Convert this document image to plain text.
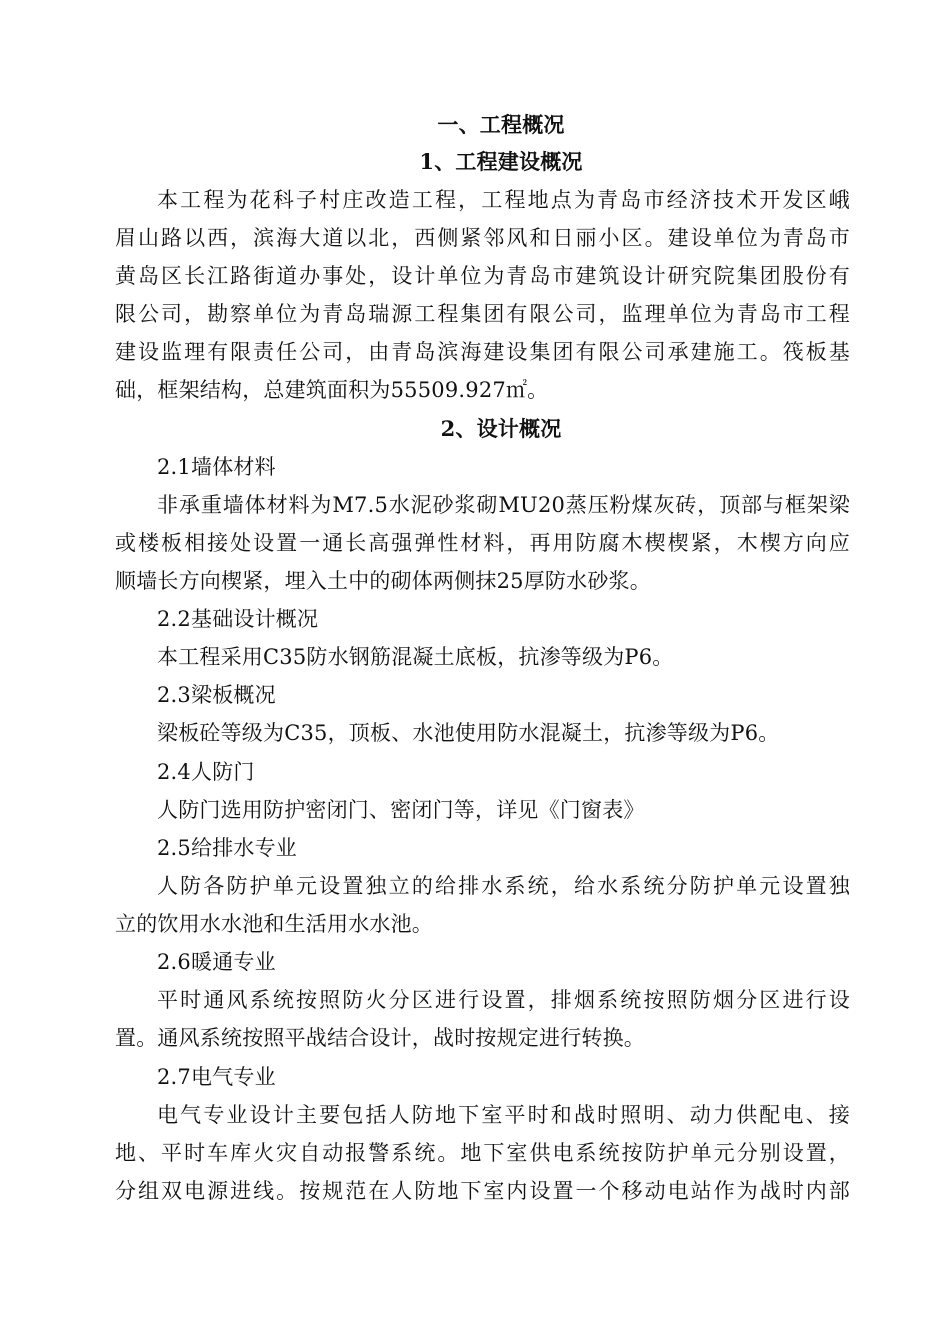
一、工程概况
1、工程建设概况
本工程为花科子村庄改造工程，工程地点为青岛市经济技术开发区峨
眉山路以西，滨海大道以北，西侧紧邻风和日丽小区。建设单位为青岛市
黄岛区长江路街道办事处，设计单位为青岛市建筑设计研究院集团股份有
限公司，勘察单位为青岛瑞源工程集团有限公司，监理单位为青岛市工程
建设监理有限责任公司，由青岛滨海建设集团有限公司承建施工。筏板基
础，框架结构，总建筑面积为55509.927㎡。
2、设计概况
2.1墙体材料
非承重墙体材料为M7.5水泥砂浆砌MU20蒸压粉煤灰砖，顶部与框架梁
或楼板相接处设置一通长高强弹性材料，再用防腐木楔楔紧，木楔方向应
顺墙长方向楔紧，埋入土中的砌体两侧抹25厚防水砂浆。
2.2基础设计概况
本工程采用C35防水钢筋混凝土底板，抗渗等级为P6。
2.3梁板概况
梁板砼等级为C35，顶板、水池使用防水混凝土，抗渗等级为P6。
2.4人防门
人防门选用防护密闭门、密闭门等，详见《门窗表》
2.5给排水专业
人防各防护单元设置独立的给排水系统，给水系统分防护单元设置独
立的饮用水水池和生活用水水池。
2.6暖通专业
平时通风系统按照防火分区进行设置，排烟系统按照防烟分区进行设
置。通风系统按照平战结合设计，战时按规定进行转换。
2.7电气专业
电气专业设计主要包括人防地下室平时和战时照明、动力供配电、接
地、平时车库火灾自动报警系统。地下室供电系统按防护单元分别设置，
分组双电源进线。按规范在人防地下室内设置一个移动电站作为战时内部
